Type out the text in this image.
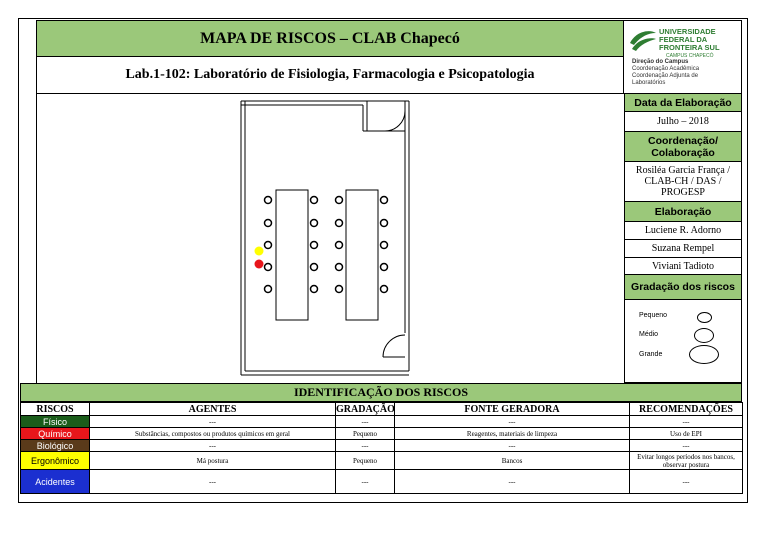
MAPA DE RISCOS – CLAB Chapecó
Lab.1-102: Laboratório de Fisiologia, Farmacologia e Psicopatologia
UNIVERSIDADE
FEDERAL DA
FRONTEIRA SUL
CAMPUS CHAPECÓ
Direção do Campus
Coordenação Acadêmica
Coordenação Adjunta de
Laboratórios
Data da Elaboração
Julho – 2018
Coordenação/
Colaboração
Rosiléa Garcia França /
CLAB-CH / DAS /
PROGESP
Elaboração
Luciene R. Adorno
Suzana Rempel
Viviani Tadioto
Gradação dos riscos
Pequeno
Médio
Grande
IDENTIFICAÇÃO DOS RISCOS
RISCOS	AGENTES	GRADAÇÃO	FONTE GERADORA	RECOMENDAÇÕES
Físico	---	---	---	---
Químico	Substâncias, compostos ou produtos químicos em geral	Pequeno	Reagentes, materiais de limpeza	Uso de EPI
Biológico	---	---	---	---
Ergonômico	Má postura	Pequeno	Bancos	Evitar longos períodos nos bancos, observar postura
Acidentes	---	---	---	---
